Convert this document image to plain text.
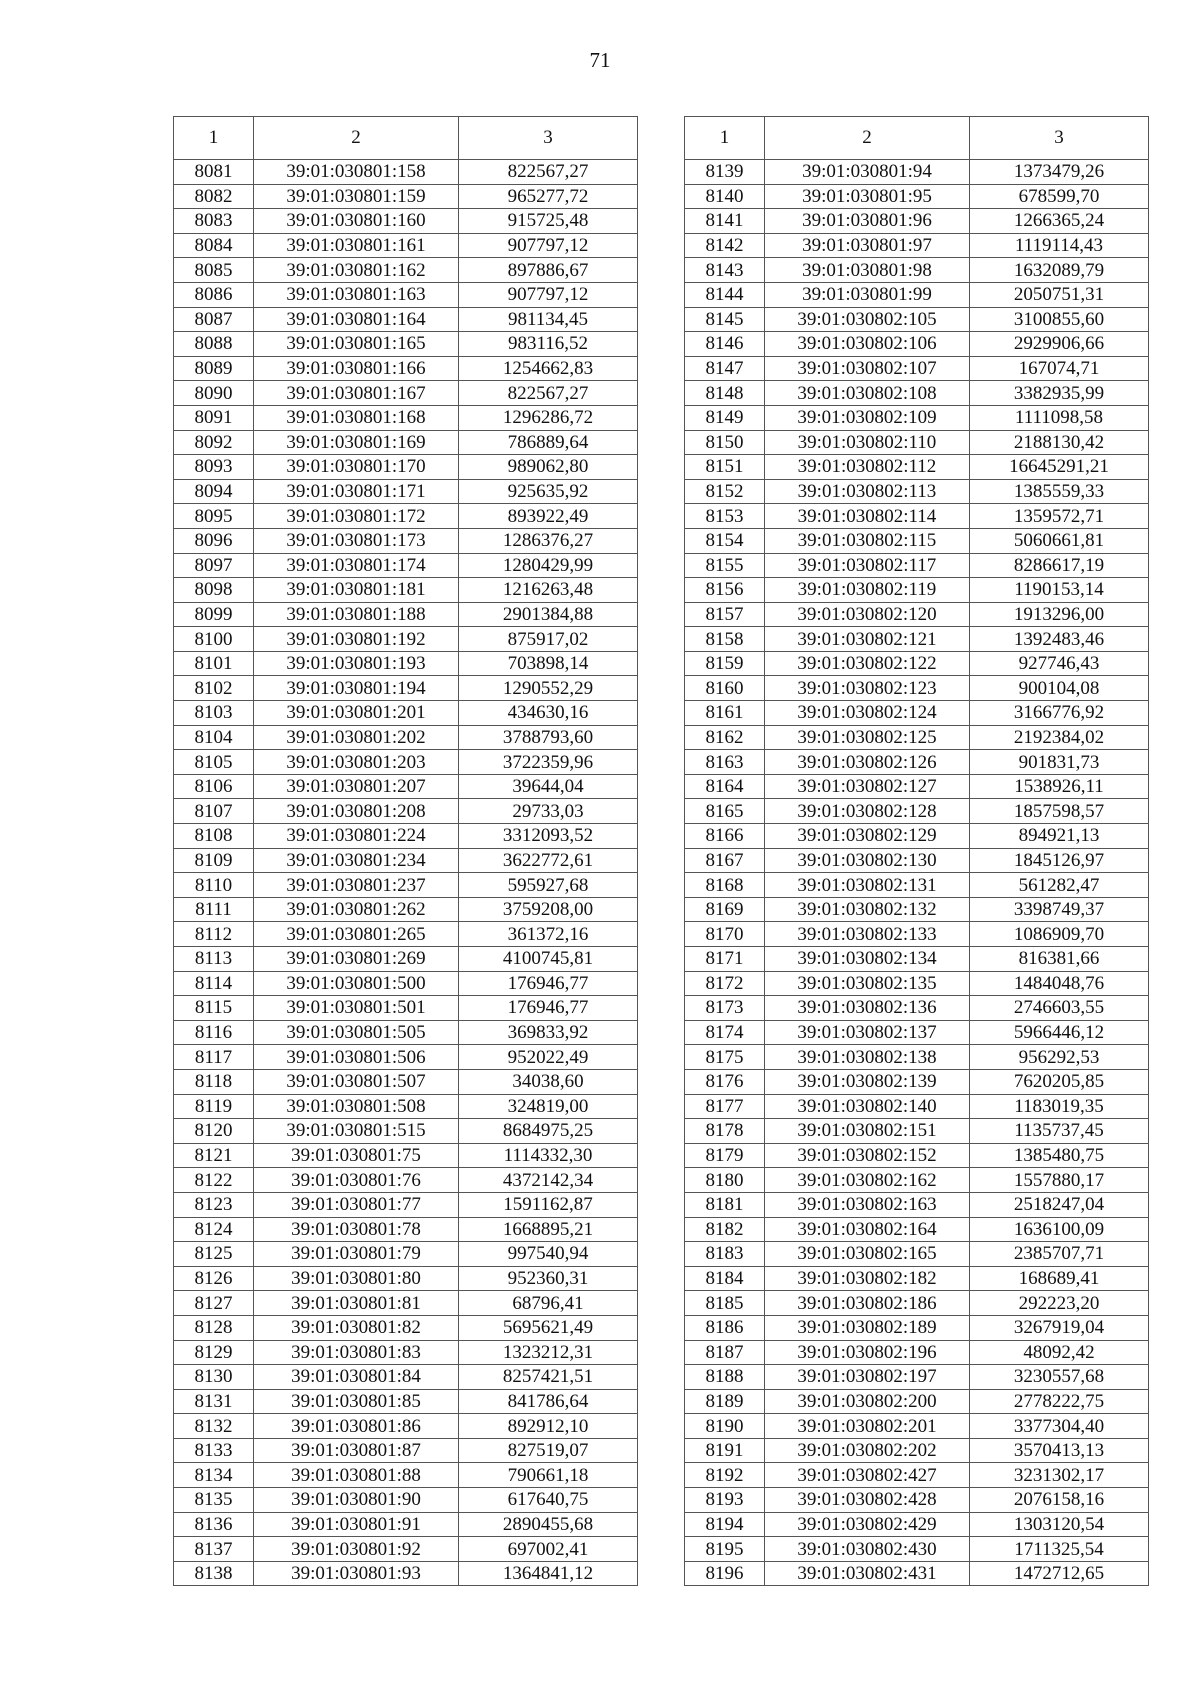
71
1	2	3
8081	39:01:030801:158	822567,27
8082	39:01:030801:159	965277,72
8083	39:01:030801:160	915725,48
8084	39:01:030801:161	907797,12
8085	39:01:030801:162	897886,67
8086	39:01:030801:163	907797,12
8087	39:01:030801:164	981134,45
8088	39:01:030801:165	983116,52
8089	39:01:030801:166	1254662,83
8090	39:01:030801:167	822567,27
8091	39:01:030801:168	1296286,72
8092	39:01:030801:169	786889,64
8093	39:01:030801:170	989062,80
8094	39:01:030801:171	925635,92
8095	39:01:030801:172	893922,49
8096	39:01:030801:173	1286376,27
8097	39:01:030801:174	1280429,99
8098	39:01:030801:181	1216263,48
8099	39:01:030801:188	2901384,88
8100	39:01:030801:192	875917,02
8101	39:01:030801:193	703898,14
8102	39:01:030801:194	1290552,29
8103	39:01:030801:201	434630,16
8104	39:01:030801:202	3788793,60
8105	39:01:030801:203	3722359,96
8106	39:01:030801:207	39644,04
8107	39:01:030801:208	29733,03
8108	39:01:030801:224	3312093,52
8109	39:01:030801:234	3622772,61
8110	39:01:030801:237	595927,68
8111	39:01:030801:262	3759208,00
8112	39:01:030801:265	361372,16
8113	39:01:030801:269	4100745,81
8114	39:01:030801:500	176946,77
8115	39:01:030801:501	176946,77
8116	39:01:030801:505	369833,92
8117	39:01:030801:506	952022,49
8118	39:01:030801:507	34038,60
8119	39:01:030801:508	324819,00
8120	39:01:030801:515	8684975,25
8121	39:01:030801:75	1114332,30
8122	39:01:030801:76	4372142,34
8123	39:01:030801:77	1591162,87
8124	39:01:030801:78	1668895,21
8125	39:01:030801:79	997540,94
8126	39:01:030801:80	952360,31
8127	39:01:030801:81	68796,41
8128	39:01:030801:82	5695621,49
8129	39:01:030801:83	1323212,31
8130	39:01:030801:84	8257421,51
8131	39:01:030801:85	841786,64
8132	39:01:030801:86	892912,10
8133	39:01:030801:87	827519,07
8134	39:01:030801:88	790661,18
8135	39:01:030801:90	617640,75
8136	39:01:030801:91	2890455,68
8137	39:01:030801:92	697002,41
8138	39:01:030801:93	1364841,12
1	2	3
8139	39:01:030801:94	1373479,26
8140	39:01:030801:95	678599,70
8141	39:01:030801:96	1266365,24
8142	39:01:030801:97	1119114,43
8143	39:01:030801:98	1632089,79
8144	39:01:030801:99	2050751,31
8145	39:01:030802:105	3100855,60
8146	39:01:030802:106	2929906,66
8147	39:01:030802:107	167074,71
8148	39:01:030802:108	3382935,99
8149	39:01:030802:109	1111098,58
8150	39:01:030802:110	2188130,42
8151	39:01:030802:112	16645291,21
8152	39:01:030802:113	1385559,33
8153	39:01:030802:114	1359572,71
8154	39:01:030802:115	5060661,81
8155	39:01:030802:117	8286617,19
8156	39:01:030802:119	1190153,14
8157	39:01:030802:120	1913296,00
8158	39:01:030802:121	1392483,46
8159	39:01:030802:122	927746,43
8160	39:01:030802:123	900104,08
8161	39:01:030802:124	3166776,92
8162	39:01:030802:125	2192384,02
8163	39:01:030802:126	901831,73
8164	39:01:030802:127	1538926,11
8165	39:01:030802:128	1857598,57
8166	39:01:030802:129	894921,13
8167	39:01:030802:130	1845126,97
8168	39:01:030802:131	561282,47
8169	39:01:030802:132	3398749,37
8170	39:01:030802:133	1086909,70
8171	39:01:030802:134	816381,66
8172	39:01:030802:135	1484048,76
8173	39:01:030802:136	2746603,55
8174	39:01:030802:137	5966446,12
8175	39:01:030802:138	956292,53
8176	39:01:030802:139	7620205,85
8177	39:01:030802:140	1183019,35
8178	39:01:030802:151	1135737,45
8179	39:01:030802:152	1385480,75
8180	39:01:030802:162	1557880,17
8181	39:01:030802:163	2518247,04
8182	39:01:030802:164	1636100,09
8183	39:01:030802:165	2385707,71
8184	39:01:030802:182	168689,41
8185	39:01:030802:186	292223,20
8186	39:01:030802:189	3267919,04
8187	39:01:030802:196	48092,42
8188	39:01:030802:197	3230557,68
8189	39:01:030802:200	2778222,75
8190	39:01:030802:201	3377304,40
8191	39:01:030802:202	3570413,13
8192	39:01:030802:427	3231302,17
8193	39:01:030802:428	2076158,16
8194	39:01:030802:429	1303120,54
8195	39:01:030802:430	1711325,54
8196	39:01:030802:431	1472712,65
